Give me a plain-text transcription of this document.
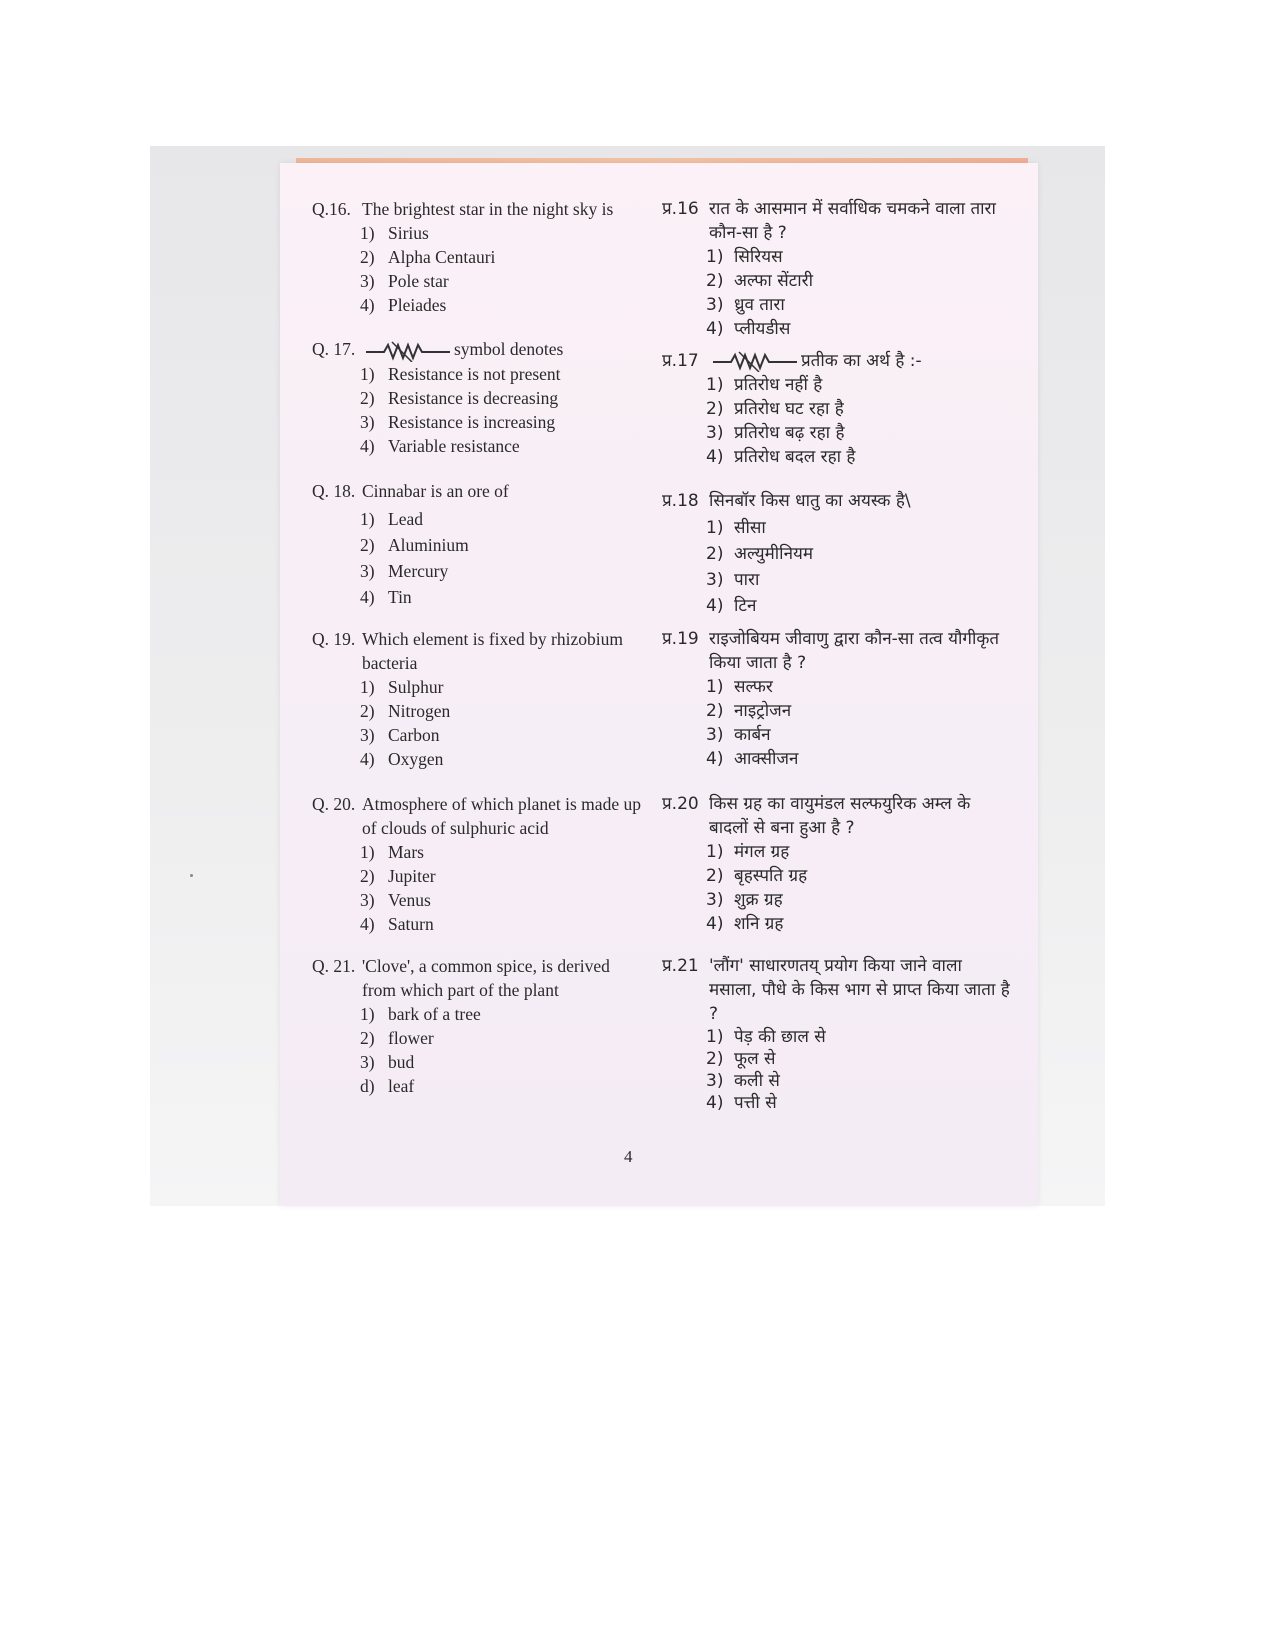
Q.16. The brightest star in the night sky is
1) Sirius
2) Alpha Centauri
3) Pole star
4) Pleiades
Q. 17.	symbol denotes
1) Resistance is not present
2) Resistance is decreasing
3) Resistance is increasing
4) Variable resistance
Q. 18. Cinnabar is an ore of
1) Lead
2) Aluminium
3) Mercury
4) Tin
Q. 19. Which element is fixed by rhizobium bacteria
1) Sulphur
2) Nitrogen
3) Carbon
4) Oxygen
Q. 20. Atmosphere of which planet is made up of clouds of sulphuric acid
1) Mars
2) Jupiter
3) Venus
4) Saturn
Q. 21. 'Clove', a common spice, is derived from which part of the plant
1) bark of a tree
2) flower
3) bud
d) leaf
प्र.16 रात के आसमान में सर्वाधिक चमकने वाला तारा कौन-सा है ?
1) सिरियस
2) अल्फा सेंटारी
3) ध्रुव तारा
4) प्लीयडीस
प्र.17	प्रतीक का अर्थ है :-
1) प्रतिरोध नहीं है
2) प्रतिरोध घट रहा है
3) प्रतिरोध बढ़ रहा है
4) प्रतिरोध बदल रहा है
प्र.18 सिनबॉर किस धातु का अयस्क है\
1) सीसा
2) अल्युमीनियम
3) पारा
4) टिन
प्र.19 राइजोबियम जीवाणु द्वारा कौन-सा तत्व यौगीकृत किया जाता है ?
1) सल्फर
2) नाइट्रोजन
3) कार्बन
4) आक्सीजन
प्र.20 किस ग्रह का वायुमंडल सल्फयुरिक अम्ल के बादलों से बना हुआ है ?
1) मंगल ग्रह
2) बृहस्पति ग्रह
3) शुक्र ग्रह
4) शनि ग्रह
प्र.21 'लौंग' साधारणतय् प्रयोग किया जाने वाला मसाला, पौधे के किस भाग से प्राप्त किया जाता है ?
1) पेड़ की छाल से
2) फूल से
3) कली से
4) पत्ती से
4
